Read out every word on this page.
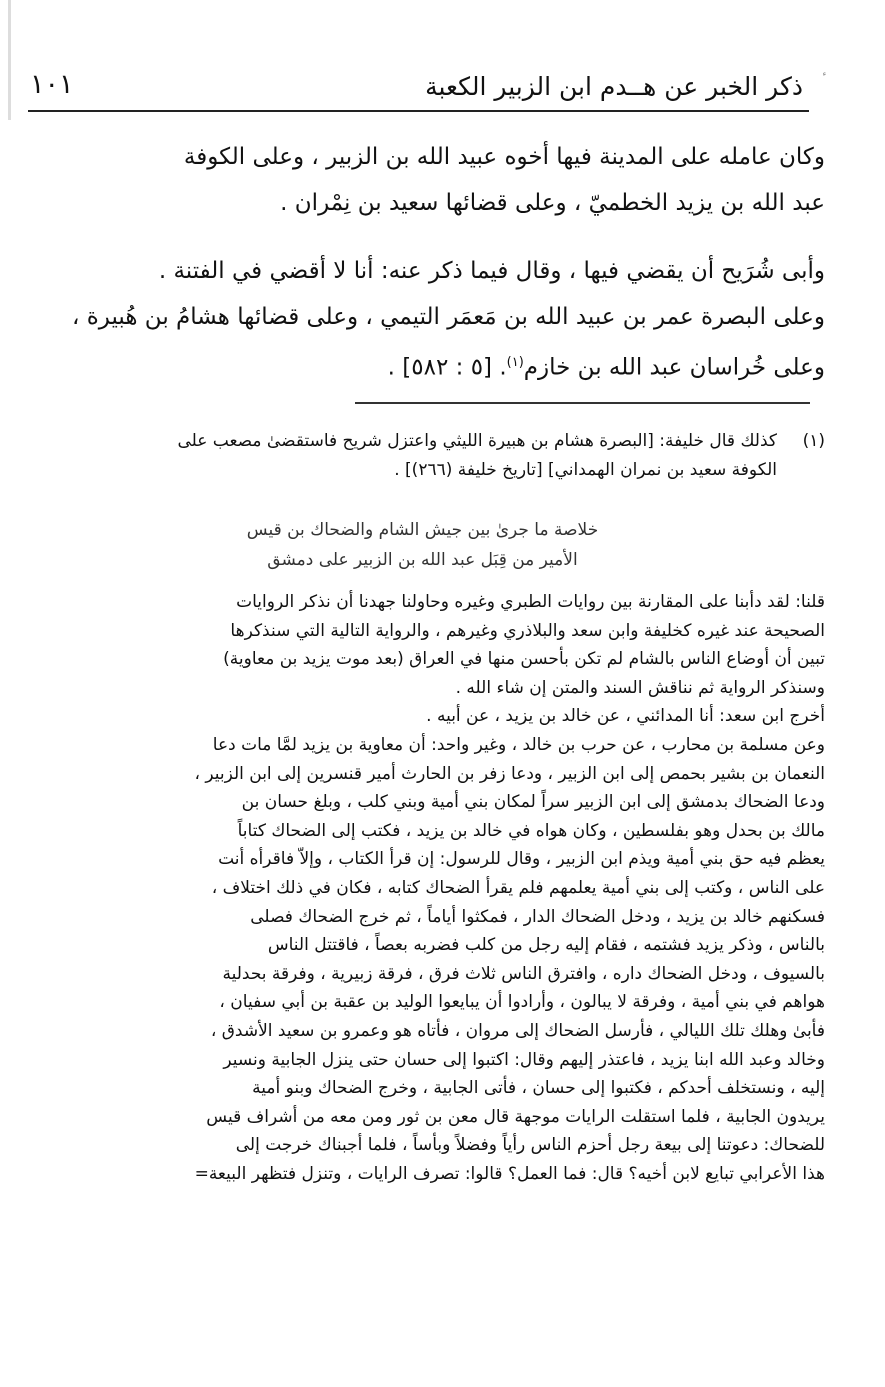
ذكر الخبر عن هــدم ابن الزبير الكعبة
١٠١
وكان عامله على المدينة فيها أخوه عبيد الله بن الزبير ، وعلى الكوفة
عبد الله بن يزيد الخطميّ ، وعلى قضائها سعيد بن نِمْران .
وأبى شُرَيح أن يقضي فيها ، وقال فيما ذكر عنه: أنا لا أقضي في الفتنة .
وعلى البصرة عمر بن عبيد الله بن مَعمَر التيمي ، وعلى قضائها هشامُ بن هُبيرة ،
وعلى خُراسان عبد الله بن خازم$^{(١)}$. [٥ : ٥٨٢] .
(١)
كذلك قال خليفة: [البصرة هشام بن هبيرة الليثي واعتزل شريح فاستقضىٰ مصعب على
الكوفة سعيد بن نمران الهمداني] [تاريخ خليفة (٢٦٦)] .
خلاصة ما جرىٰ بين جيش الشام والضحاك بن قيس
الأمير من قِبَل عبد الله بن الزبير على دمشق
قلنا: لقد دأبنا على المقارنة بين روايات الطبري وغيره وحاولنا جهدنا أن نذكر الروايات
الصحيحة عند غيره كخليفة وابن سعد والبلاذري وغيرهم ، والرواية التالية التي سنذكرها
تبين أن أوضاع الناس بالشام لم تكن بأحسن منها في العراق (بعد موت يزيد بن معاوية)
وسنذكر الرواية ثم نناقش السند والمتن إن شاء الله .
أخرج ابن سعد: أنا المدائني ، عن خالد بن يزيد ، عن أبيه .
وعن مسلمة بن محارب ، عن حرب بن خالد ، وغير واحد: أن معاوية بن يزيد لمَّا مات دعا
النعمان بن بشير بحمص إلى ابن الزبير ، ودعا زفر بن الحارث أمير قنسرين إلى ابن الزبير ،
ودعا الضحاك بدمشق إلى ابن الزبير سراً لمكان بني أمية وبني كلب ، وبلغ حسان بن
مالك بن بحدل وهو بفلسطين ، وكان هواه في خالد بن يزيد ، فكتب إلى الضحاك كتاباً
يعظم فيه حق بني أمية ويذم ابن الزبير ، وقال للرسول: إن قرأ الكتاب ، وإلاّ فاقرأه أنت
على الناس ، وكتب إلى بني أمية يعلمهم فلم يقرأ الضحاك كتابه ، فكان في ذلك اختلاف ،
فسكنهم خالد بن يزيد ، ودخل الضحاك الدار ، فمكثوا أياماً ، ثم خرج الضحاك فصلى
بالناس ، وذكر يزيد فشتمه ، فقام إليه رجل من كلب فضربه بعصاً ، فاقتتل الناس
بالسيوف ، ودخل الضحاك داره ، وافترق الناس ثلاث فرق ، فرقة زبيرية ، وفرقة بحدلية
هواهم في بني أمية ، وفرقة لا يبالون ، وأرادوا أن يبايعوا الوليد بن عقبة بن أبي سفيان ،
فأبىٰ وهلك تلك الليالي ، فأرسل الضحاك إلى مروان ، فأتاه هو وعمرو بن سعيد الأشدق ،
وخالد وعبد الله ابنا يزيد ، فاعتذر إليهم وقال: اكتبوا إلى حسان حتى ينزل الجابية ونسير
إليه ، ونستخلف أحدكم ، فكتبوا إلى حسان ، فأتى الجابية ، وخرج الضحاك وبنو أمية
يريدون الجابية ، فلما استقلت الرايات موجهة قال معن بن ثور ومن معه من أشراف قيس
للضحاك: دعوتنا إلى بيعة رجل أحزم الناس رأياً وفضلاً وبأساً ، فلما أجبناك خرجت إلى
هذا الأعرابي تبايع لابن أخيه؟ قال: فما العمل؟ قالوا: تصرف الرايات ، وتنزل فتظهر البيعة=
